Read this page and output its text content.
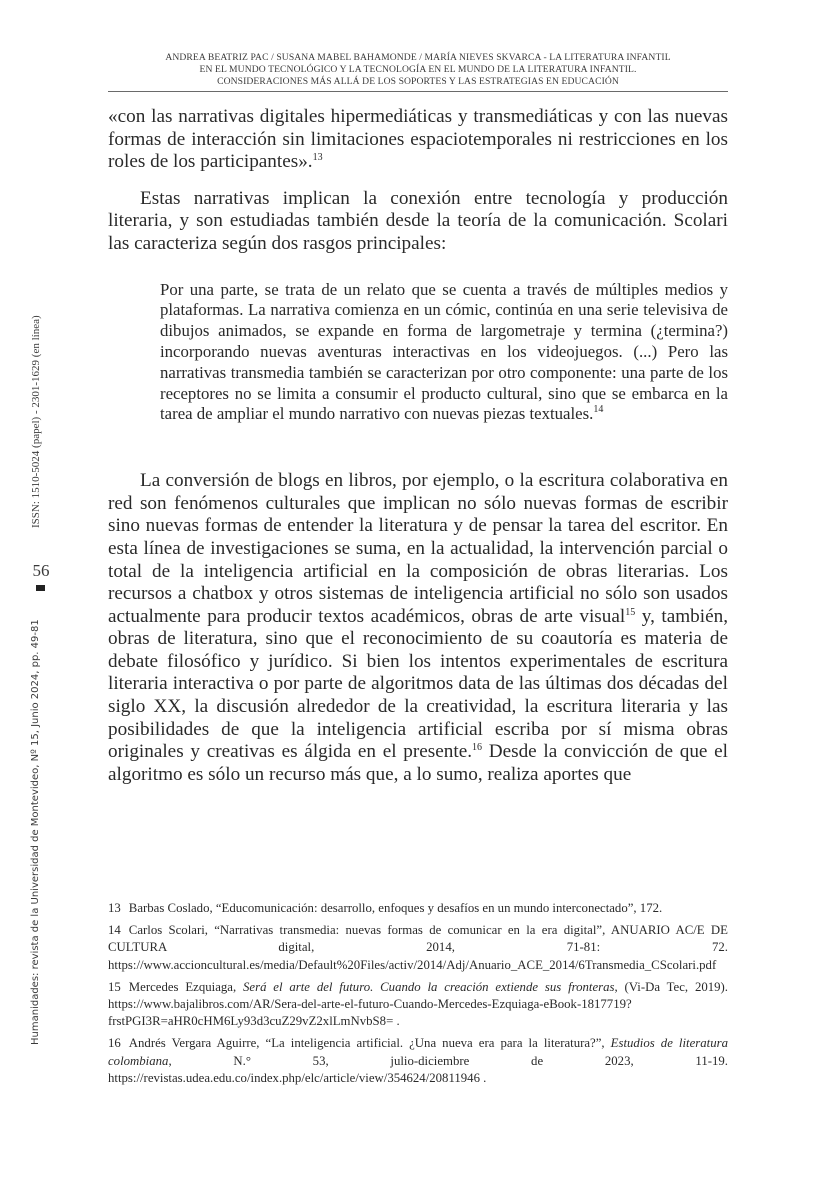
ANDREA BEATRIZ PAC / SUSANA MABEL BAHAMONDE / MARÍA NIEVES SKVARCA - LA LITERATURA INFANTIL
EN EL MUNDO TECNOLÓGICO Y LA TECNOLOGÍA EN EL MUNDO DE LA LITERATURA INFANTIL.
CONSIDERACIONES MÁS ALLÁ DE LOS SOPORTES Y LAS ESTRATEGIAS EN EDUCACIÓN
ISSN: 1510-5024 (papel) - 2301-1629 (en línea)
56
Humanidades: revista de la Universidad de Montevideo, Nº 15, Junio 2024, pp. 49-81

«con las narrativas digitales hipermediáticas y transmediáticas y con las nuevas formas de interacción sin limitaciones espaciotemporales ni restricciones en los roles de los participantes».$^{13}$

Estas narrativas implican la conexión entre tecnología y producción literaria, y son estudiadas también desde la teoría de la comunicación. Scolari las caracteriza según dos rasgos principales:

Por una parte, se trata de un relato que se cuenta a través de múltiples medios y plataformas. La narrativa comienza en un cómic, continúa en una serie televisiva de dibujos animados, se expande en forma de largometraje y termina (¿termina?) incorporando nuevas aventuras interactivas en los videojuegos. (...) Pero las narrativas transmedia también se caracterizan por otro componente: una parte de los receptores no se limita a consumir el producto cultural, sino que se embarca en la tarea de ampliar el mundo narrativo con nuevas piezas textuales.$^{14}$

La conversión de blogs en libros, por ejemplo, o la escritura colaborativa en red son fenómenos culturales que implican no sólo nuevas formas de escribir sino nuevas formas de entender la literatura y de pensar la tarea del escritor. En esta línea de investigaciones se suma, en la actualidad, la intervención parcial o total de la inteligencia artificial en la composición de obras literarias. Los recursos a chatbox y otros sistemas de inteligencia artificial no sólo son usados actualmente para producir textos académicos, obras de arte visual$^{15}$ y, también, obras de literatura, sino que el reconocimiento de su coautoría es materia de debate filosófico y jurídico. Si bien los intentos experimentales de escritura literaria interactiva o por parte de algoritmos data de las últimas dos décadas del siglo XX, la discusión alrededor de la creatividad, la escritura literaria y las posibilidades de que la inteligencia artificial escriba por sí misma obras originales y creativas es álgida en el presente.$^{16}$ Desde la convicción de que el algoritmo es sólo un recurso más que, a lo sumo, realiza aportes que

13 Barbas Coslado, “Educomunicación: desarrollo, enfoques y desafíos en un mundo interconectado”, 172.

14 Carlos Scolari, “Narrativas transmedia: nuevas formas de comunicar en la era digital”, ANUARIO AC/E DE CULTURA digital, 2014, 71-81: 72. https://www.accioncultural.es/media/Default%20Files/activ/2014/Adj/Anuario_ACE_2014/6Transmedia_CScolari.pdf

15 Mercedes Ezquiaga, Será el arte del futuro. Cuando la creación extiende sus fronteras, (Vi-Da Tec, 2019). https://www.bajalibros.com/AR/Sera-del-arte-el-futuro-Cuando-Mercedes-Ezquiaga-eBook-1817719?frstPGI3R=aHR0cHM6Ly93d3cuZ29vZ2xlLmNvbS8= .

16 Andrés Vergara Aguirre, “La inteligencia artificial. ¿Una nueva era para la literatura?”, Estudios de literatura colombiana, N.° 53, julio-diciembre de 2023, 11-19. https://revistas.udea.edu.co/index.php/elc/article/view/354624/20811946 .
